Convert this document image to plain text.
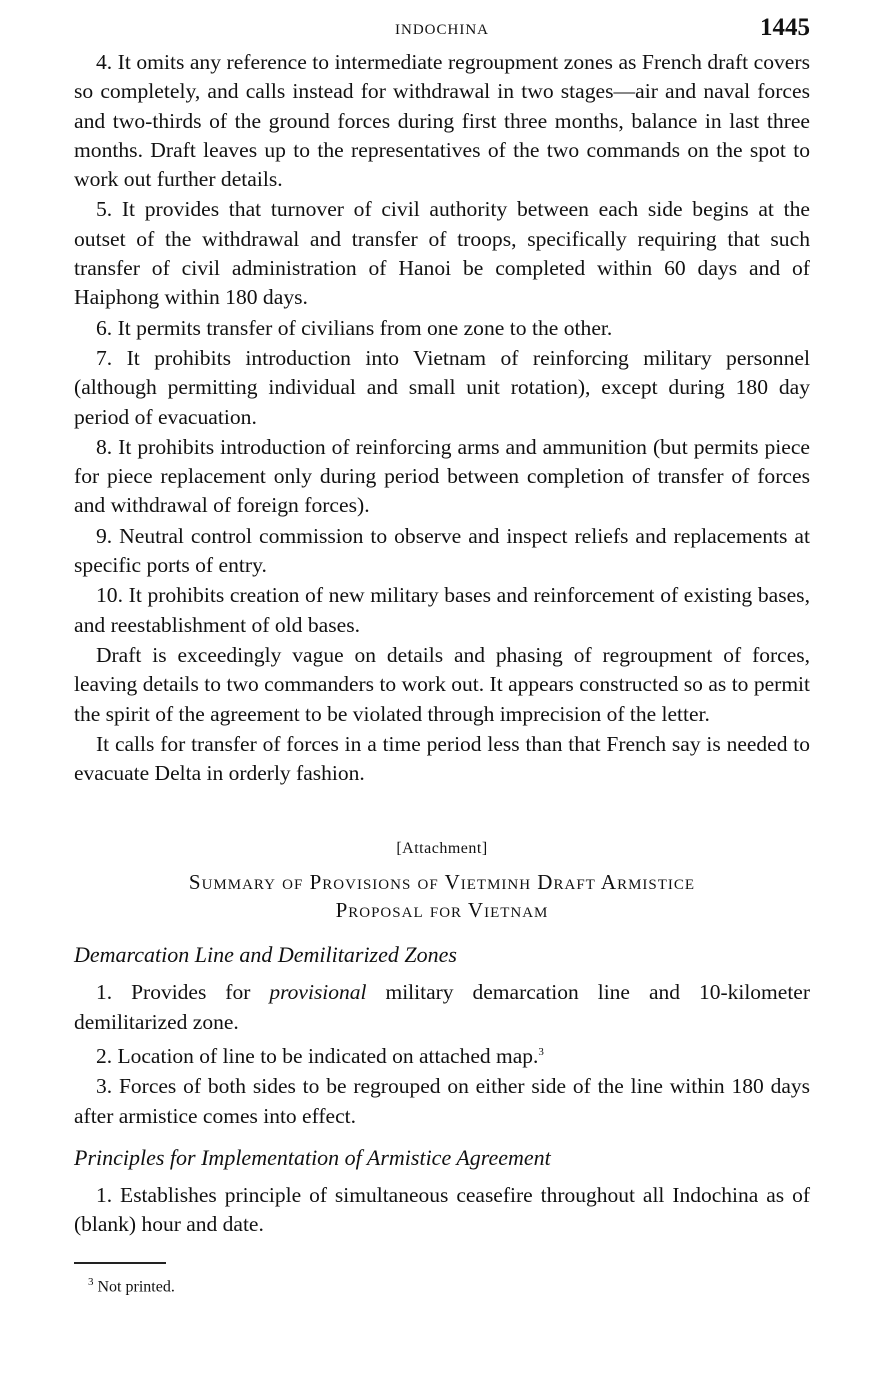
INDOCHINA	1445

4. It omits any reference to intermediate regroupment zones as French draft covers so completely, and calls instead for withdrawal in two stages—air and naval forces and two-thirds of the ground forces during first three months, balance in last three months. Draft leaves up to the representatives of the two commands on the spot to work out further details.

5. It provides that turnover of civil authority between each side begins at the outset of the withdrawal and transfer of troops, specifically requiring that such transfer of civil administration of Hanoi be completed within 60 days and of Haiphong within 180 days.

6. It permits transfer of civilians from one zone to the other.

7. It prohibits introduction into Vietnam of reinforcing military personnel (although permitting individual and small unit rotation), except during 180 day period of evacuation.

8. It prohibits introduction of reinforcing arms and ammunition (but permits piece for piece replacement only during period between completion of transfer of forces and withdrawal of foreign forces).

9. Neutral control commission to observe and inspect reliefs and replacements at specific ports of entry.

10. It prohibits creation of new military bases and reinforcement of existing bases, and reestablishment of old bases.

Draft is exceedingly vague on details and phasing of regroupment of forces, leaving details to two commanders to work out. It appears constructed so as to permit the spirit of the agreement to be violated through imprecision of the letter.

It calls for transfer of forces in a time period less than that French say is needed to evacuate Delta in orderly fashion.

[Attachment]
Summary of Provisions of Vietminh Draft Armistice
Proposal for Vietnam
Demarcation Line and Demilitarized Zones

1. Provides for provisional military demarcation line and 10-kilometer demilitarized zone.

2. Location of line to be indicated on attached map.$^3$

3. Forces of both sides to be regrouped on either side of the line within 180 days after armistice comes into effect.

Principles for Implementation of Armistice Agreement

1. Establishes principle of simultaneous ceasefire throughout all Indochina as of (blank) hour and date.

$^3$ Not printed.
